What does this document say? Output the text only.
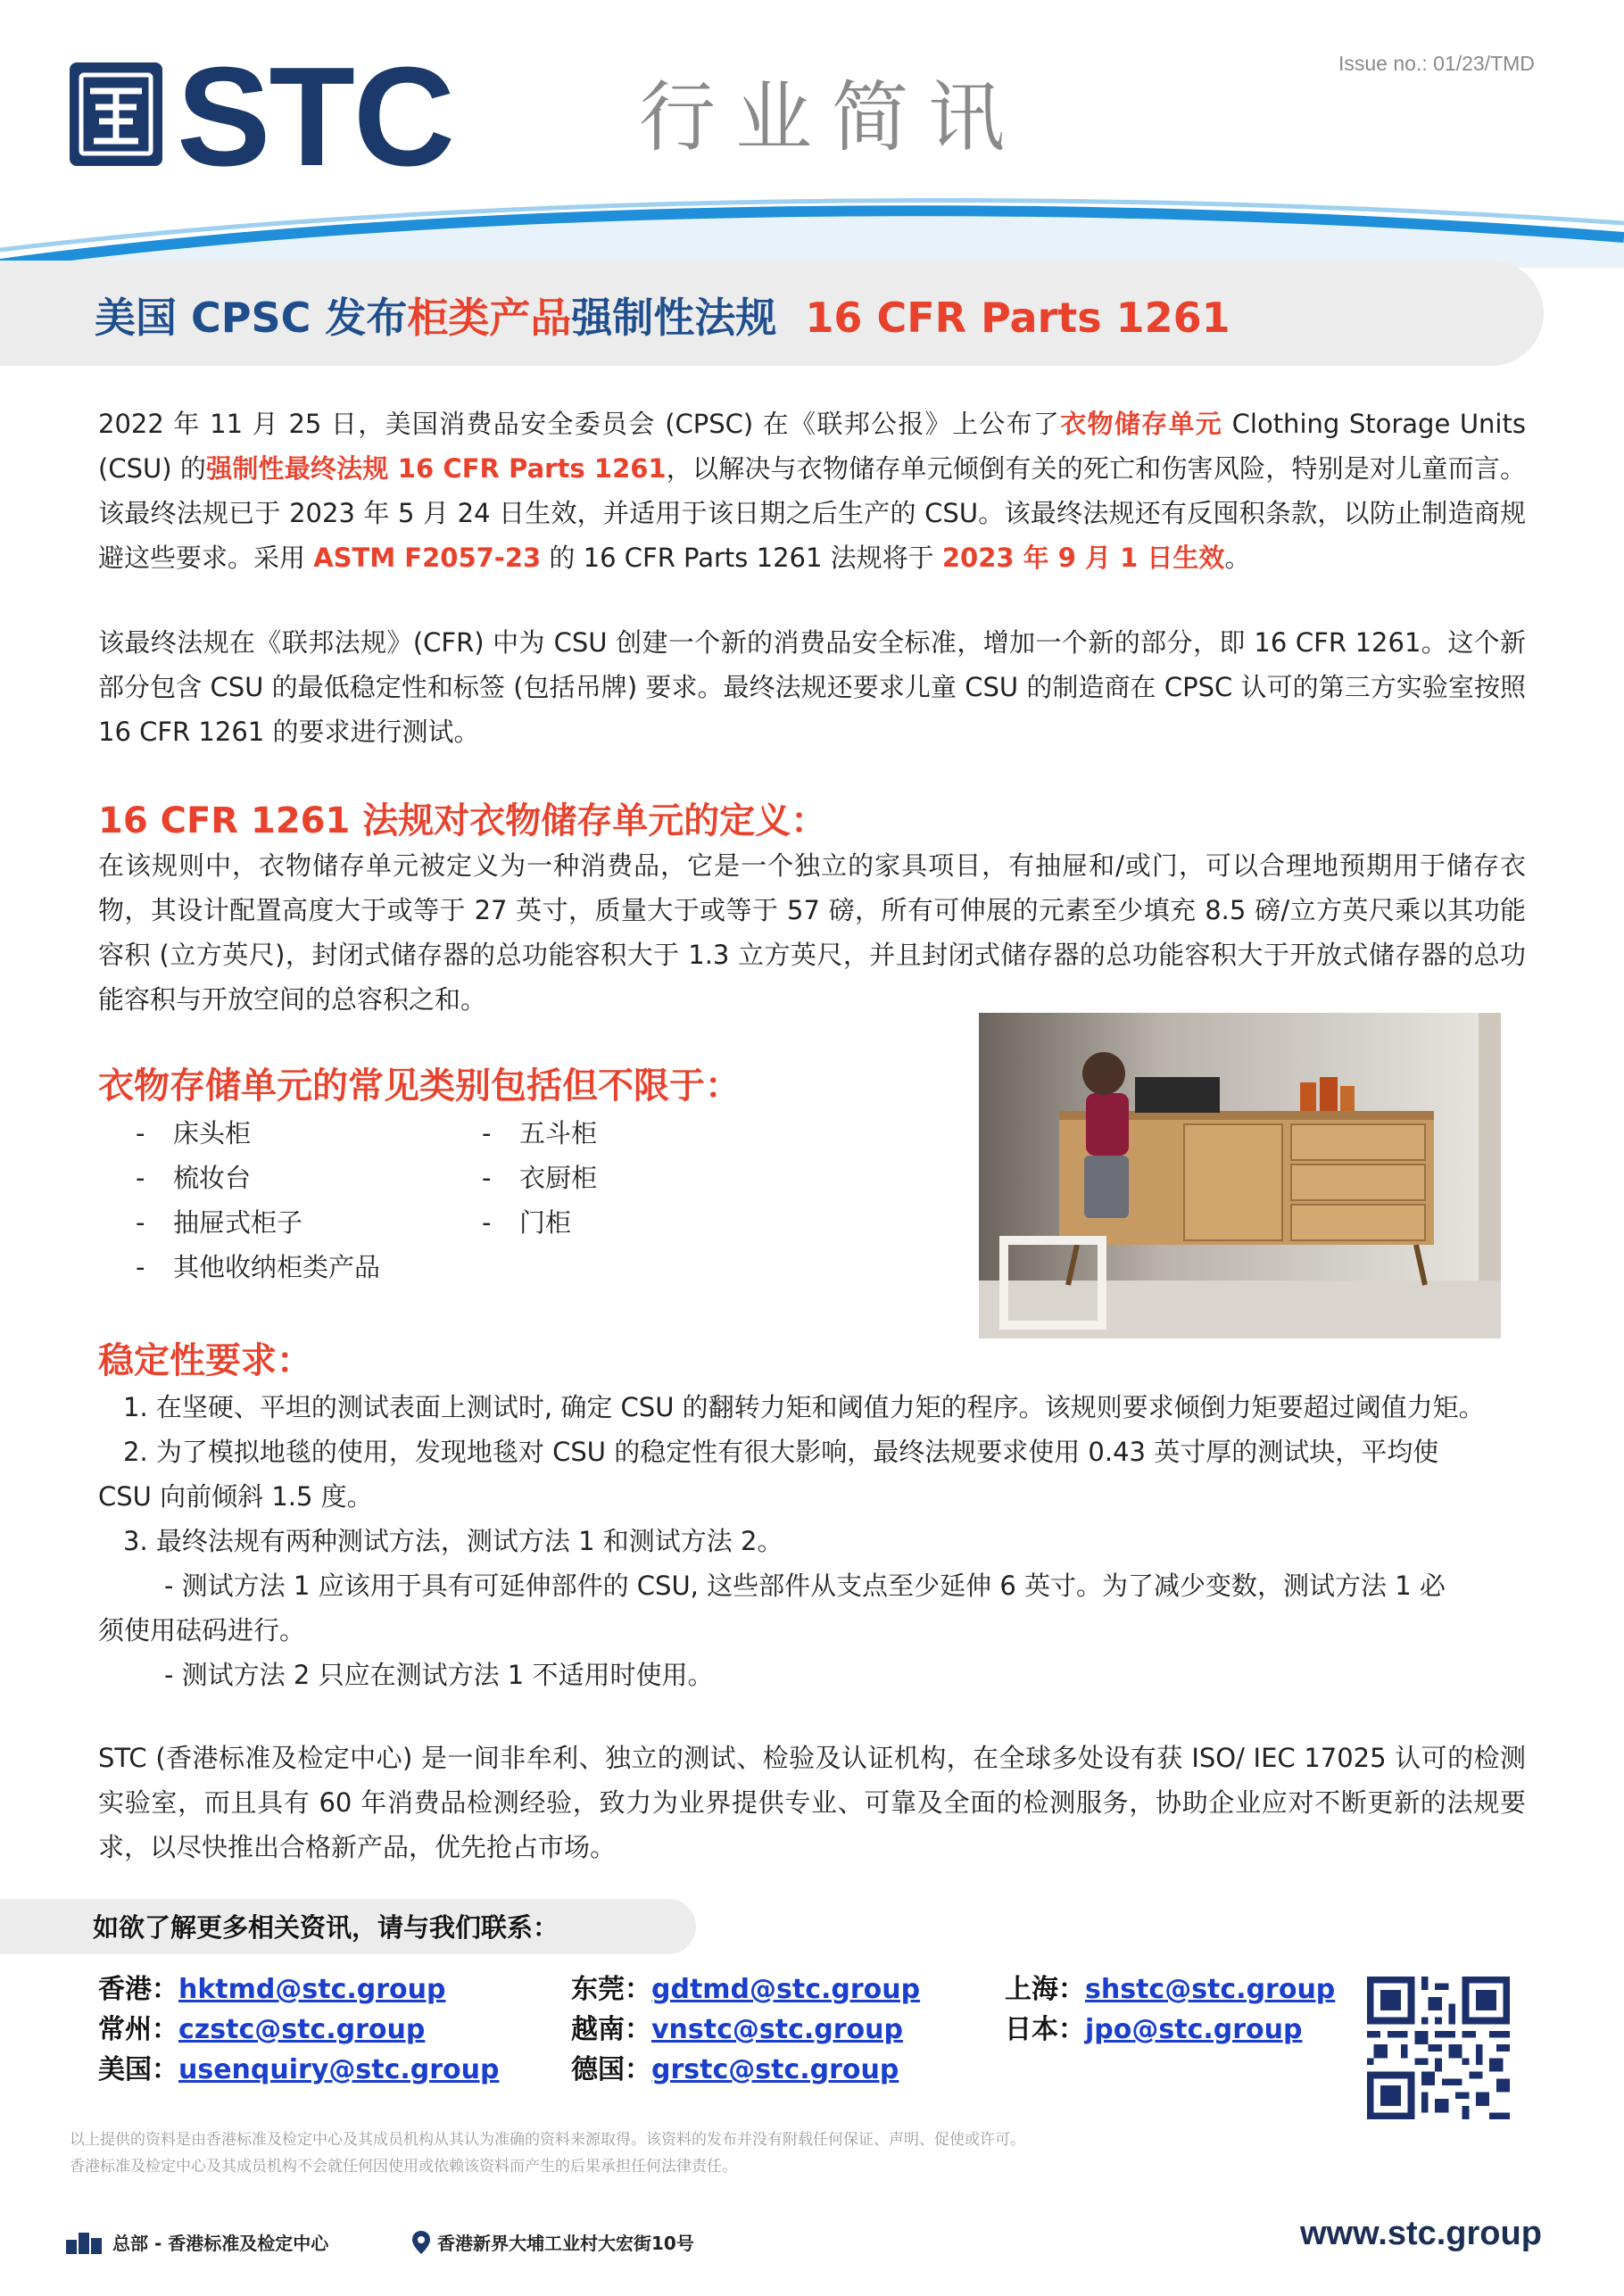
STC 行业简讯
Issue no.: 01/23/TMD
美国 CPSC 发布柜类产品强制性法规 16 CFR Parts 1261
2022 年 11 月 25 日，美国消费品安全委员会 (CPSC) 在《联邦公报》上公布了衣物储存单元 Clothing Storage Units (CSU) 的强制性最终法规 16 CFR Parts 1261，以解决与衣物储存单元倾倒有关的死亡和伤害风险，特别是对儿童而言。该最终法规已于 2023 年 5 月 24 日生效，并适用于该日期之后生产的 CSU。该最终法规还有反囤积条款，以防止制造商规避这些要求。采用 ASTM F2057-23 的 16 CFR Parts 1261 法规将于 2023 年 9 月 1 日生效。
该最终法规在《联邦法规》(CFR) 中为 CSU 创建一个新的消费品安全标准，增加一个新的部分，即 16 CFR 1261。这个新部分包含 CSU 的最低稳定性和标签 (包括吊牌) 要求。最终法规还要求儿童 CSU 的制造商在 CPSC 认可的第三方实验室按照 16 CFR 1261 的要求进行测试。
16 CFR 1261 法规对衣物储存单元的定义：
在该规则中，衣物储存单元被定义为一种消费品，它是一个独立的家具项目，有抽屉和/或门，可以合理地预期用于储存衣物，其设计配置高度大于或等于 27 英寸，质量大于或等于 57 磅，所有可伸展的元素至少填充 8.5 磅/立方英尺乘以其功能容积 (立方英尺)，封闭式储存器的总功能容积大于 1.3 立方英尺，并且封闭式储存器的总功能容积大于开放式储存器的总功能容积与开放空间的总容积之和。
衣物存储单元的常见类别包括但不限于：
-	床头柜
-	梳妆台
-	抽屉式柜子
-	其他收纳柜类产品
-	五斗柜
-	衣厨柜
-	门柜
稳定性要求：
1. 在坚硬、平坦的测试表面上测试时, 确定 CSU 的翻转力矩和阈值力矩的程序。该规则要求倾倒力矩要超过阈值力矩。
2. 为了模拟地毯的使用，发现地毯对 CSU 的稳定性有很大影响，最终法规要求使用 0.43 英寸厚的测试块，平均使
CSU 向前倾斜 1.5 度。
3. 最终法规有两种测试方法，测试方法 1 和测试方法 2。
- 测试方法 1 应该用于具有可延伸部件的 CSU, 这些部件从支点至少延伸 6 英寸。为了减少变数，测试方法 1 必
须使用砝码进行。
- 测试方法 2 只应在测试方法 1 不适用时使用。
STC (香港标准及检定中心) 是一间非牟利、独立的测试、检验及认证机构，在全球多处设有获 ISO/ IEC 17025 认可的检测实验室，而且具有 60 年消费品检测经验，致力为业界提供专业、可靠及全面的检测服务，协助企业应对不断更新的法规要求，以尽快推出合格新产品，优先抢占市场。
如欲了解更多相关资讯，请与我们联系：
香港：hktmd@stc.group	东莞：gdtmd@stc.group	上海：shstc@stc.group
常州：czstc@stc.group	越南：vnstc@stc.group	日本：jpo@stc.group
美国：usenquiry@stc.group	德国：grstc@stc.group
以上提供的资料是由香港标准及检定中心及其成员机构从其认为准确的资料来源取得。该资料的发布并没有附载任何保证、声明、促使或许可。
香港标准及检定中心及其成员机构不会就任何因使用或依赖该资料而产生的后果承担任何法律责任。
总部 - 香港标准及检定中心	香港新界大埔工业村大宏街10号	www.stc.group
